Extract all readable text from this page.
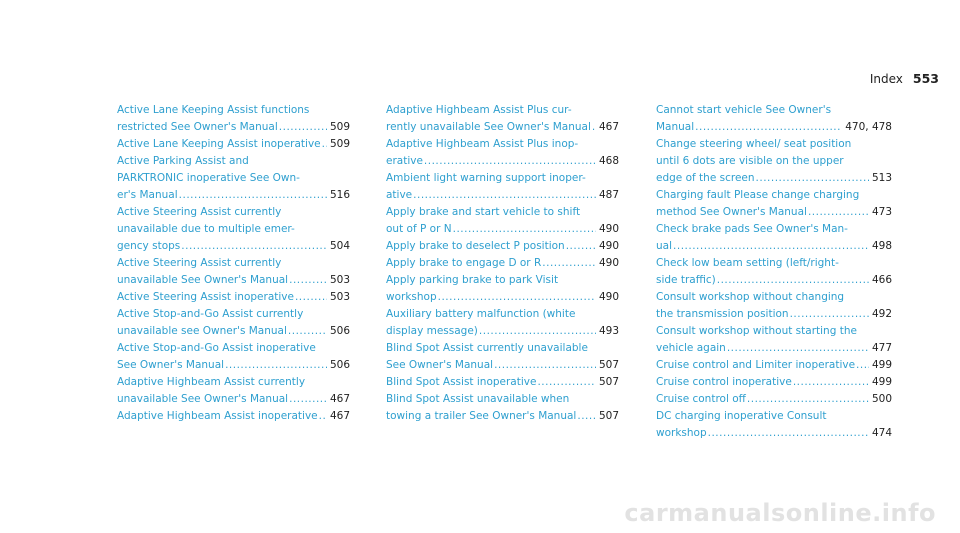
Index 553
Active Lane Keeping Assist functions
restricted See Owner's Manual .....	509
Active Lane Keeping Assist inoperative ..... 509
Active Parking Assist and
PARKTRONIC inoperative See Own-
er's Manual .....	516
Active Steering Assist currently
unavailable due to multiple emer-
gency stops .....	504
Active Steering Assist currently
unavailable See Owner's Manual .....	503
Active Steering Assist inoperative .....	503
Active Stop-and-Go Assist currently
unavailable see Owner's Manual .....	506
Active Stop-and-Go Assist inoperative
See Owner's Manual .....	506
Adaptive Highbeam Assist currently
unavailable See Owner's Manual .....	467
Adaptive Highbeam Assist inoperative ..... 467
Adaptive Highbeam Assist Plus cur-
rently unavailable See Owner's Manual ..... 467
Adaptive Highbeam Assist Plus inop-
erative .....	468
Ambient light warning support inoper-
ative .....	487
Apply brake and start vehicle to shift
out of P or N .....	490
Apply brake to deselect P position .....	490
Apply brake to engage D or R .....	490
Apply parking brake to park Visit
workshop .....	490
Auxiliary battery malfunction (white
display message) .....	493
Blind Spot Assist currently unavailable
See Owner's Manual .....	507
Blind Spot Assist inoperative .....	507
Blind Spot Assist unavailable when
towing a trailer See Owner's Manual ..... 507
Cannot start vehicle See Owner's
Manual .....	470, 478
Change steering wheel/ seat position
until 6 dots are visible on the upper
edge of the screen .....	513
Charging fault Please change charging
method See Owner's Manual .....	473
Check brake pads See Owner's Man-
ual .....	498
Check low beam setting (left/right-
side traffic) .....	466
Consult workshop without changing
the transmission position .....	492
Consult workshop without starting the
vehicle again .....	477
Cruise control and Limiter inoperative ..... 499
Cruise control inoperative .....	499
Cruise control off .....	500
DC charging inoperative Consult
workshop .....	474
carmanualsonline.info
